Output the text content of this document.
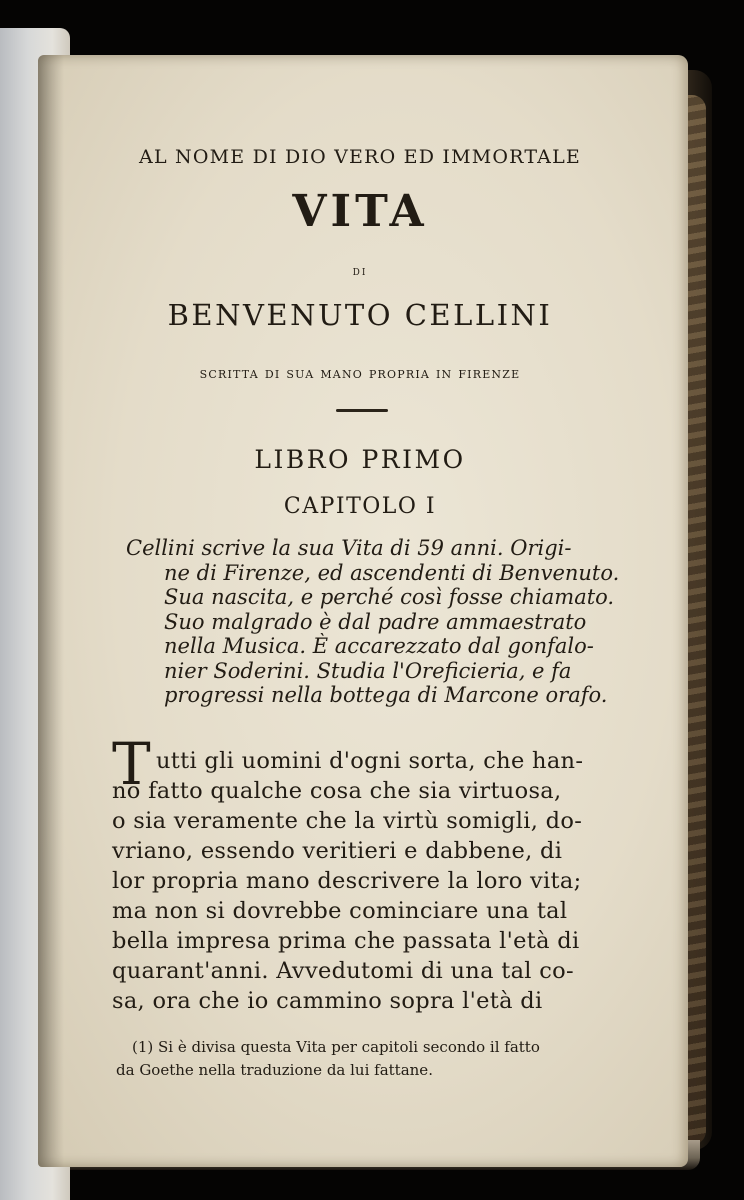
AL NOME DI DIO VERO ED IMMORTALE
VITA
di
BENVENUTO CELLINI
scritta di sua mano propria in firenze
LIBRO PRIMO
CAPITOLO I
Cellini scrive la sua Vita di 59 anni. Origi-
ne di Firenze, ed ascendenti di Benvenuto.
Sua nascita, e perché così fosse chiamato.
Suo malgrado è dal padre ammaestrato
nella Musica. È accarezzato dal gonfalo-
nier Soderini. Studia l'Oreficieria, e fa
progressi nella bottega di Marcone orafo.
T utti gli uomini d'ogni sorta, che han-
no fatto qualche cosa che sia virtuosa,
o sia veramente che la virtù somigli, do-
vriano, essendo veritieri e dabbene, di
lor propria mano descrivere la loro vita;
ma non si dovrebbe cominciare una tal
bella impresa prima che passata l'età di
quarant'anni. Avvedutomi di una tal co-
sa, ora che io cammino sopra l'età di
(1) Si è divisa questa Vita per capitoli secondo il fatto
da Goethe nella traduzione da lui fattane.
